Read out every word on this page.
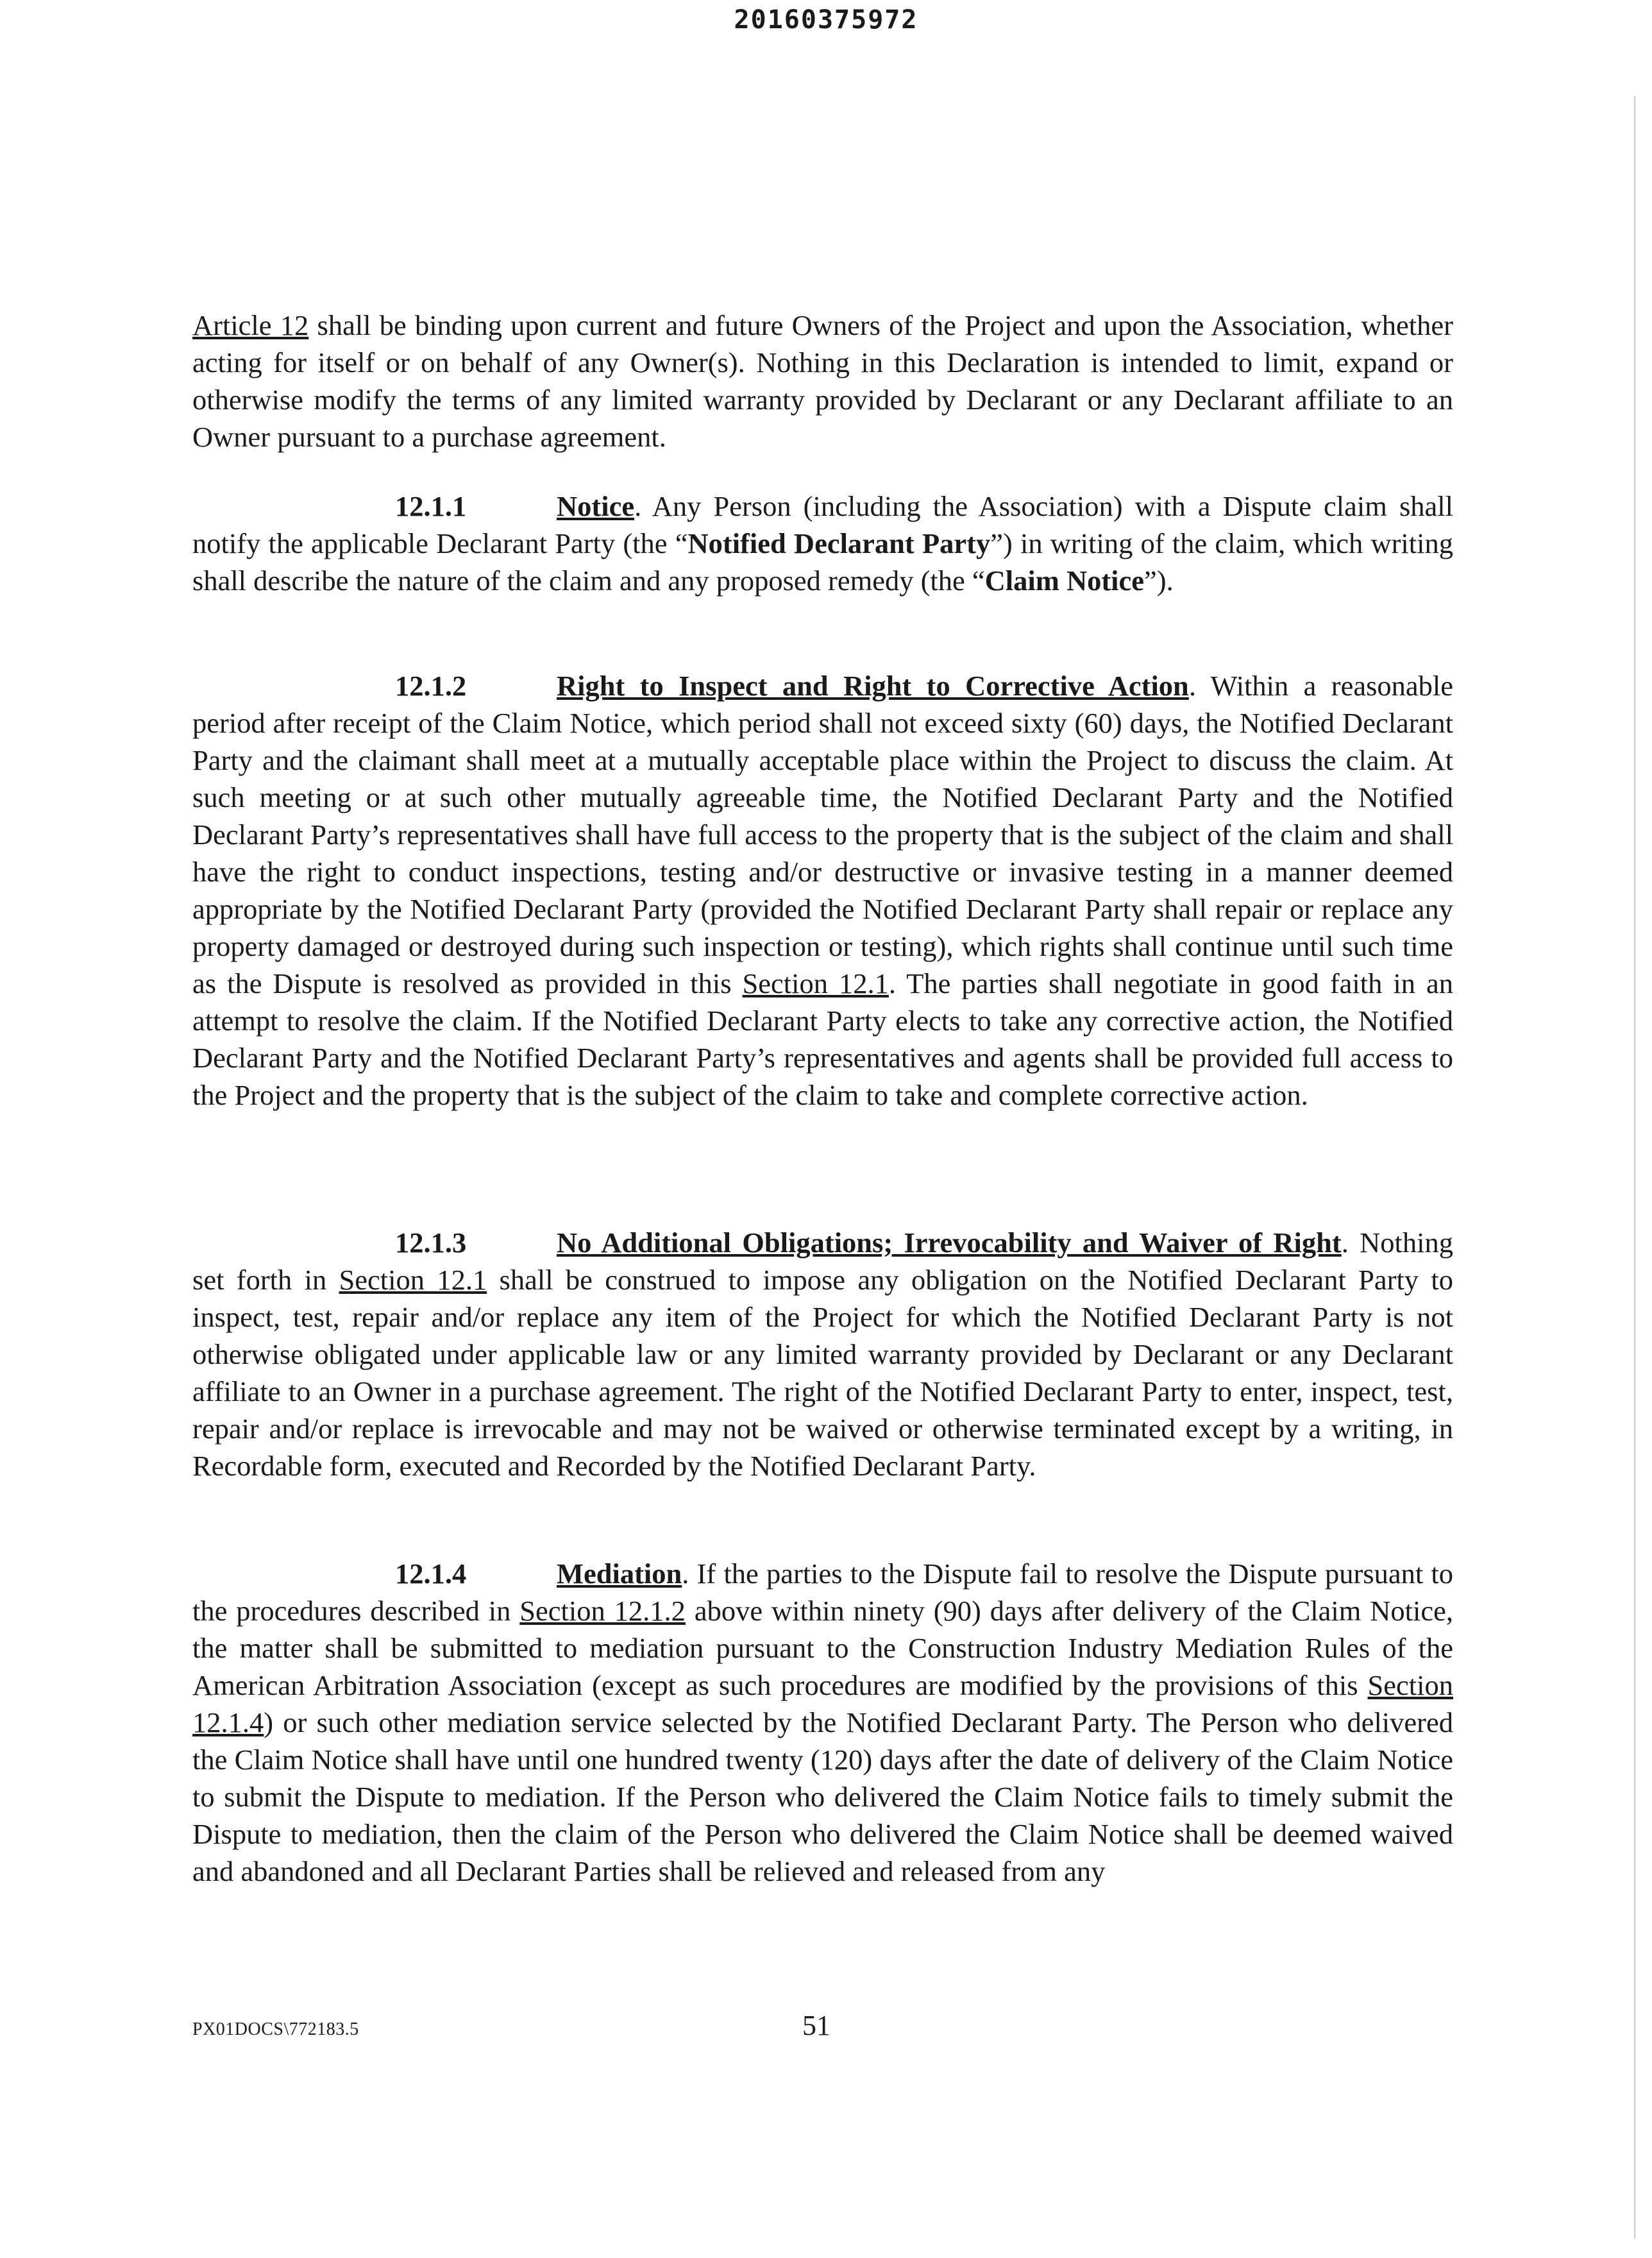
20160375972

Article 12 shall be binding upon current and future Owners of the Project and upon the Association, whether acting for itself or on behalf of any Owner(s). Nothing in this Declaration is intended to limit, expand or otherwise modify the terms of any limited warranty provided by Declarant or any Declarant affiliate to an Owner pursuant to a purchase agreement.

12.1.1	Notice. Any Person (including the Association) with a Dispute claim shall notify the applicable Declarant Party (the “Notified Declarant Party”) in writing of the claim, which writing shall describe the nature of the claim and any proposed remedy (the “Claim Notice”).

12.1.2	Right to Inspect and Right to Corrective Action. Within a reasonable period after receipt of the Claim Notice, which period shall not exceed sixty (60) days, the Notified Declarant Party and the claimant shall meet at a mutually acceptable place within the Project to discuss the claim. At such meeting or at such other mutually agreeable time, the Notified Declarant Party and the Notified Declarant Party’s representatives shall have full access to the property that is the subject of the claim and shall have the right to conduct inspections, testing and/or destructive or invasive testing in a manner deemed appropriate by the Notified Declarant Party (provided the Notified Declarant Party shall repair or replace any property damaged or destroyed during such inspection or testing), which rights shall continue until such time as the Dispute is resolved as provided in this Section 12.1. The parties shall negotiate in good faith in an attempt to resolve the claim. If the Notified Declarant Party elects to take any corrective action, the Notified Declarant Party and the Notified Declarant Party’s representatives and agents shall be provided full access to the Project and the property that is the subject of the claim to take and complete corrective action.

12.1.3	No Additional Obligations; Irrevocability and Waiver of Right. Nothing set forth in Section 12.1 shall be construed to impose any obligation on the Notified Declarant Party to inspect, test, repair and/or replace any item of the Project for which the Notified Declarant Party is not otherwise obligated under applicable law or any limited warranty provided by Declarant or any Declarant affiliate to an Owner in a purchase agreement. The right of the Notified Declarant Party to enter, inspect, test, repair and/or replace is irrevocable and may not be waived or otherwise terminated except by a writing, in Recordable form, executed and Recorded by the Notified Declarant Party.

12.1.4	Mediation. If the parties to the Dispute fail to resolve the Dispute pursuant to the procedures described in Section 12.1.2 above within ninety (90) days after delivery of the Claim Notice, the matter shall be submitted to mediation pursuant to the Construction Industry Mediation Rules of the American Arbitration Association (except as such procedures are modified by the provisions of this Section 12.1.4) or such other mediation service selected by the Notified Declarant Party. The Person who delivered the Claim Notice shall have until one hundred twenty (120) days after the date of delivery of the Claim Notice to submit the Dispute to mediation. If the Person who delivered the Claim Notice fails to timely submit the Dispute to mediation, then the claim of the Person who delivered the Claim Notice shall be deemed waived and abandoned and all Declarant Parties shall be relieved and released from any

PX01DOCS\772183.5	51
